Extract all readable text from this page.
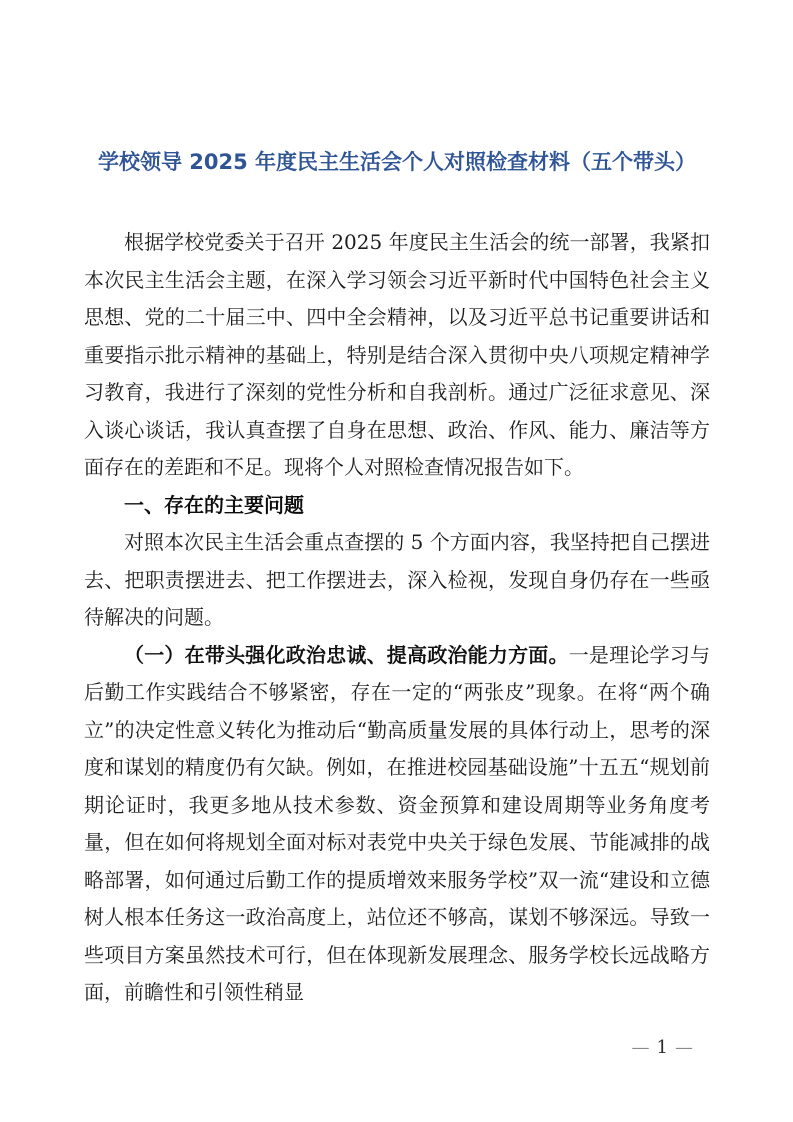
学校领导 2025 年度民主生活会个人对照检查材料（五个带头）

根据学校党委关于召开 2025 年度民主生活会的统一部署，我紧扣本次民主生活会主题，在深入学习领会习近平新时代中国特色社会主义思想、党的二十届三中、四中全会精神，以及习近平总书记重要讲话和重要指示批示精神的基础上，特别是结合深入贯彻中央八项规定精神学习教育，我进行了深刻的党性分析和自我剖析。通过广泛征求意见、深入谈心谈话，我认真查摆了自身在思想、政治、作风、能力、廉洁等方面存在的差距和不足。现将个人对照检查情况报告如下。

一、存在的主要问题

对照本次民主生活会重点查摆的 5 个方面内容，我坚持把自己摆进去、把职责摆进去、把工作摆进去，深入检视，发现自身仍存在一些亟待解决的问题。

（一）在带头强化政治忠诚、提高政治能力方面。一是理论学习与后勤工作实践结合不够紧密，存在一定的“两张皮”现象。在将“两个确立”的决定性意义转化为推动后“勤高质量发展的具体行动上，思考的深度和谋划的精度仍有欠缺。例如，在推进校园基础设施”十五五“规划前期论证时，我更多地从技术参数、资金预算和建设周期等业务角度考量，但在如何将规划全面对标对表党中央关于绿色发展、节能减排的战略部署，如何通过后勤工作的提质增效来服务学校”双一流“建设和立德树人根本任务这一政治高度上，站位还不够高，谋划不够深远。导致一些项目方案虽然技术可行，但在体现新发展理念、服务学校长远战略方面，前瞻性和引领性稍显

— 1 —
